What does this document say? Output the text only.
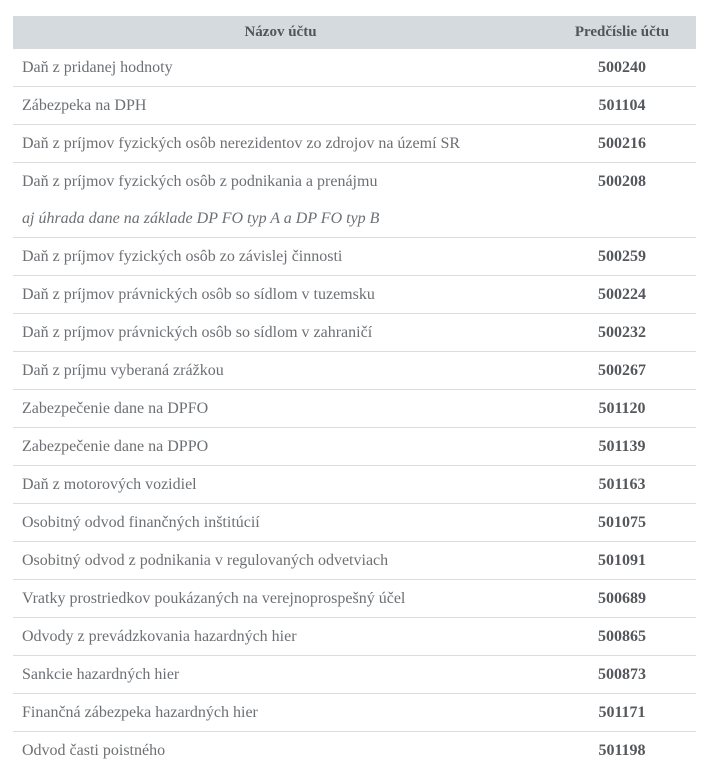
Názov účtu	Predčíslie účtu

Daň z pridanej hodnoty	500240

Zábezpeka na DPH	501104

Daň z príjmov fyzických osôb nerezidentov zo zdrojov na území SR	500216

Daň z príjmov fyzických osôb z podnikania a prenájmu
aj úhrada dane na základe DP FO typ A a DP FO typ B	500208

Daň z príjmov fyzických osôb zo závislej činnosti	500259

Daň z príjmov právnických osôb so sídlom v tuzemsku	500224

Daň z príjmov právnických osôb so sídlom v zahraničí	500232

Daň z príjmu vyberaná zrážkou	500267

Zabezpečenie dane na DPFO	501120

Zabezpečenie dane na DPPO	501139

Daň z motorových vozidiel	501163

Osobitný odvod finančných inštitúcií	501075

Osobitný odvod z podnikania v regulovaných odvetviach	501091

Vratky prostriedkov poukázaných na verejnoprospešný účel	500689

Odvody z prevádzkovania hazardných hier	500865

Sankcie hazardných hier	500873

Finančná zábezpeka hazardných hier	501171

Odvod časti poistného	501198
